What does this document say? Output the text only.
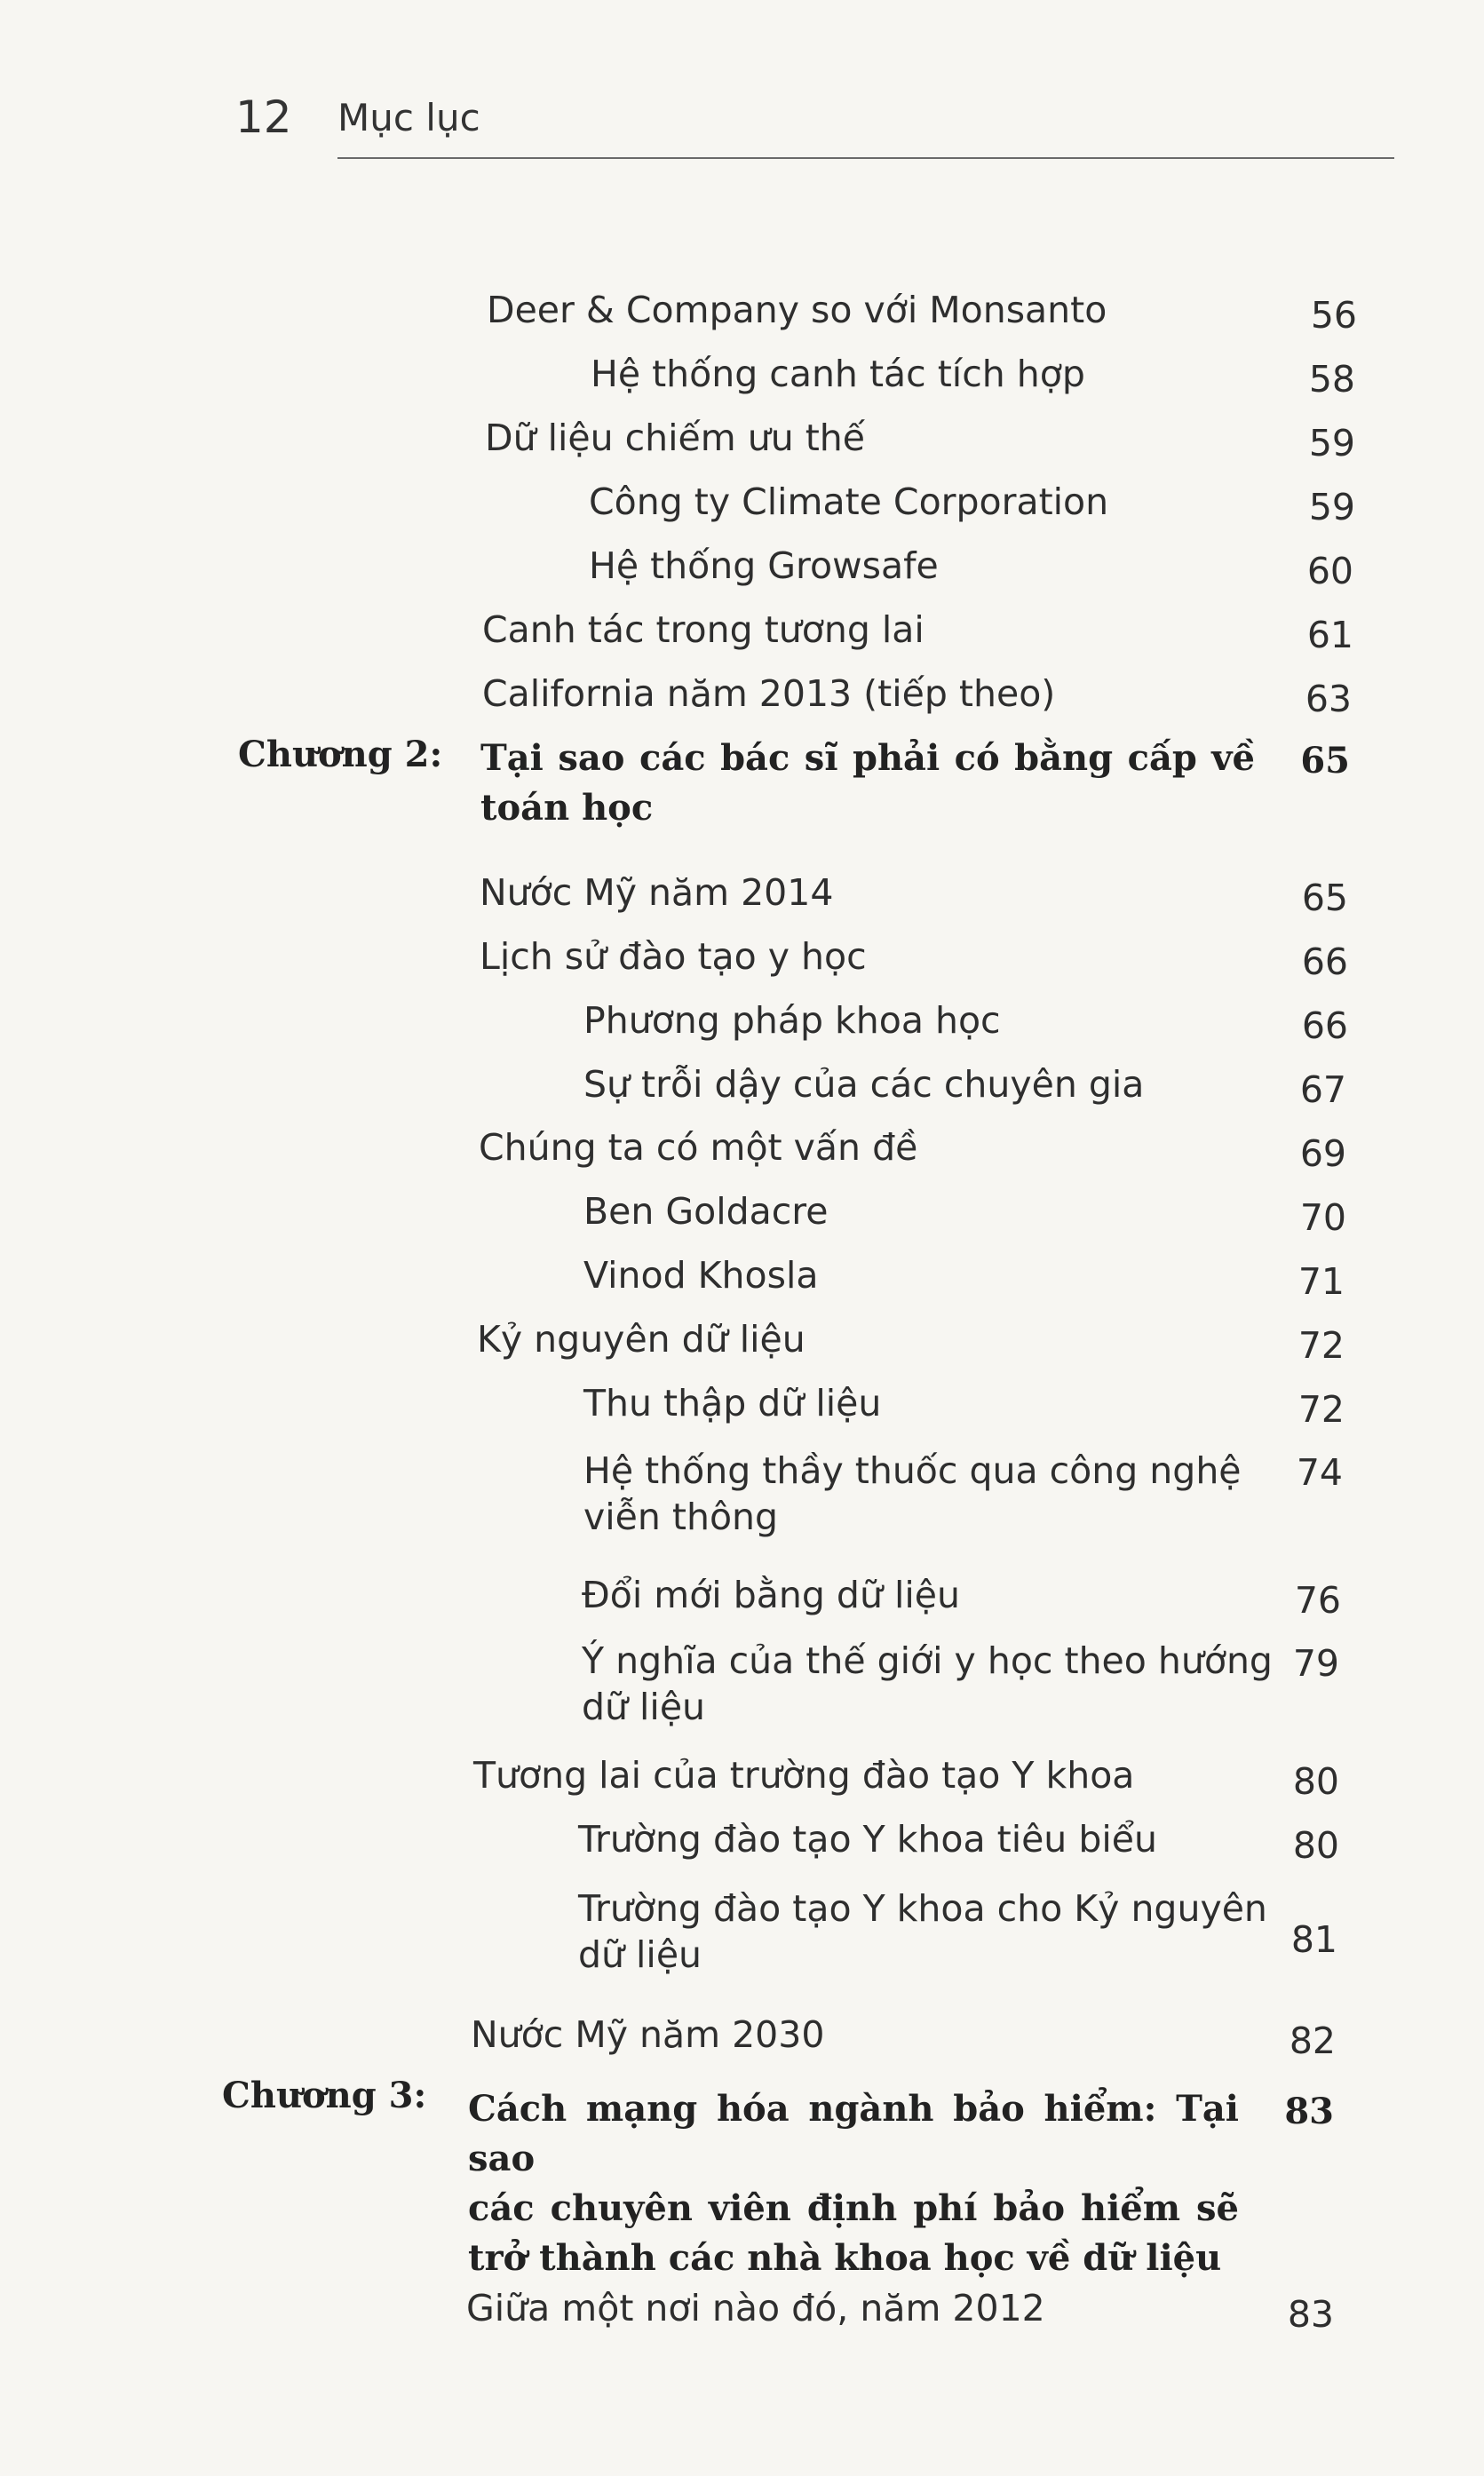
12 Mục lục
Deer & Company so với Monsanto	56
Hệ thống canh tác tích hợp	58
Dữ liệu chiếm ưu thế	59
Công ty Climate Corporation	59
Hệ thống Growsafe	60
Canh tác trong tương lai	61
California năm 2013 (tiếp theo)	63
Chương 2: Tại sao các bác sĩ phải có bằng cấp về
toán học
65
Nước Mỹ năm 2014	65
Lịch sử đào tạo y học	66
Phương pháp khoa học	66
Sự trỗi dậy của các chuyên gia	67
Chúng ta có một vấn đề	69
Ben Goldacre	70
Vinod Khosla	71
Kỷ nguyên dữ liệu	72
Thu thập dữ liệu	72
Hệ thống thầy thuốc qua công nghệ
viễn thông
74
Đổi mới bằng dữ liệu	76
Ý nghĩa của thế giới y học theo hướng
dữ liệu
79
Tương lai của trường đào tạo Y khoa	80
Trường đào tạo Y khoa tiêu biểu	80
Trường đào tạo Y khoa cho Kỷ nguyên
dữ liệu	81
Nước Mỹ năm 2030	82
Chương 3: Cách mạng hóa ngành bảo hiểm: Tại sao
các chuyên viên định phí bảo hiểm sẽ
trở thành các nhà khoa học về dữ liệu
83
Giữa một nơi nào đó, năm 2012	83
